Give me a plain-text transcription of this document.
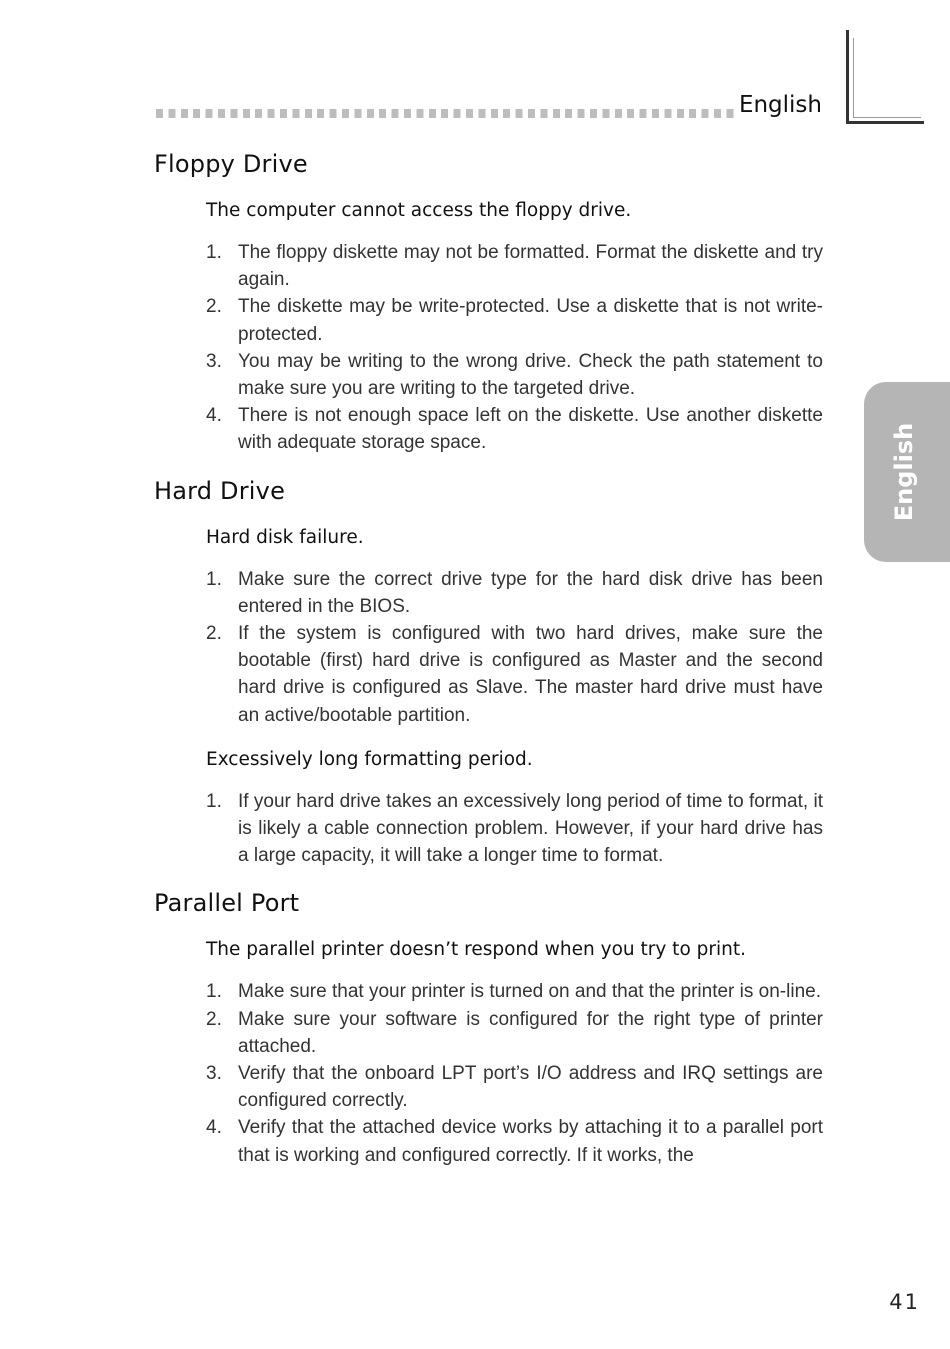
English
English
Floppy Drive
The computer cannot access the floppy drive.
1. The floppy diskette may not be formatted. Format the diskette and try again.
2. The diskette may be write-protected. Use a diskette that is not write-protected.
3. You may be writing to the wrong drive. Check the path statement to make sure you are writing to the targeted drive.
4. There is not enough space left on the diskette. Use another diskette with adequate storage space.
Hard Drive
Hard disk failure.
1. Make sure the correct drive type for the hard disk drive has been entered in the BIOS.
2. If the system is configured with two hard drives, make sure the bootable (first) hard drive is configured as Master and the second hard drive is configured as Slave. The master hard drive must have an active/bootable partition.
Excessively long formatting period.
1. If your hard drive takes an excessively long period of time to format, it is likely a cable connection problem. However, if your hard drive has a large capacity, it will take a longer time to format.
Parallel Port
The parallel printer doesn’t respond when you try to print.
1. Make sure that your printer is turned on and that the printer is on-line.
2. Make sure your software is configured for the right type of printer attached.
3. Verify that the onboard LPT port’s I/O address and IRQ settings are configured correctly.
4. Verify that the attached device works by attaching it to a parallel port that is working and configured correctly. If it works, the
41
